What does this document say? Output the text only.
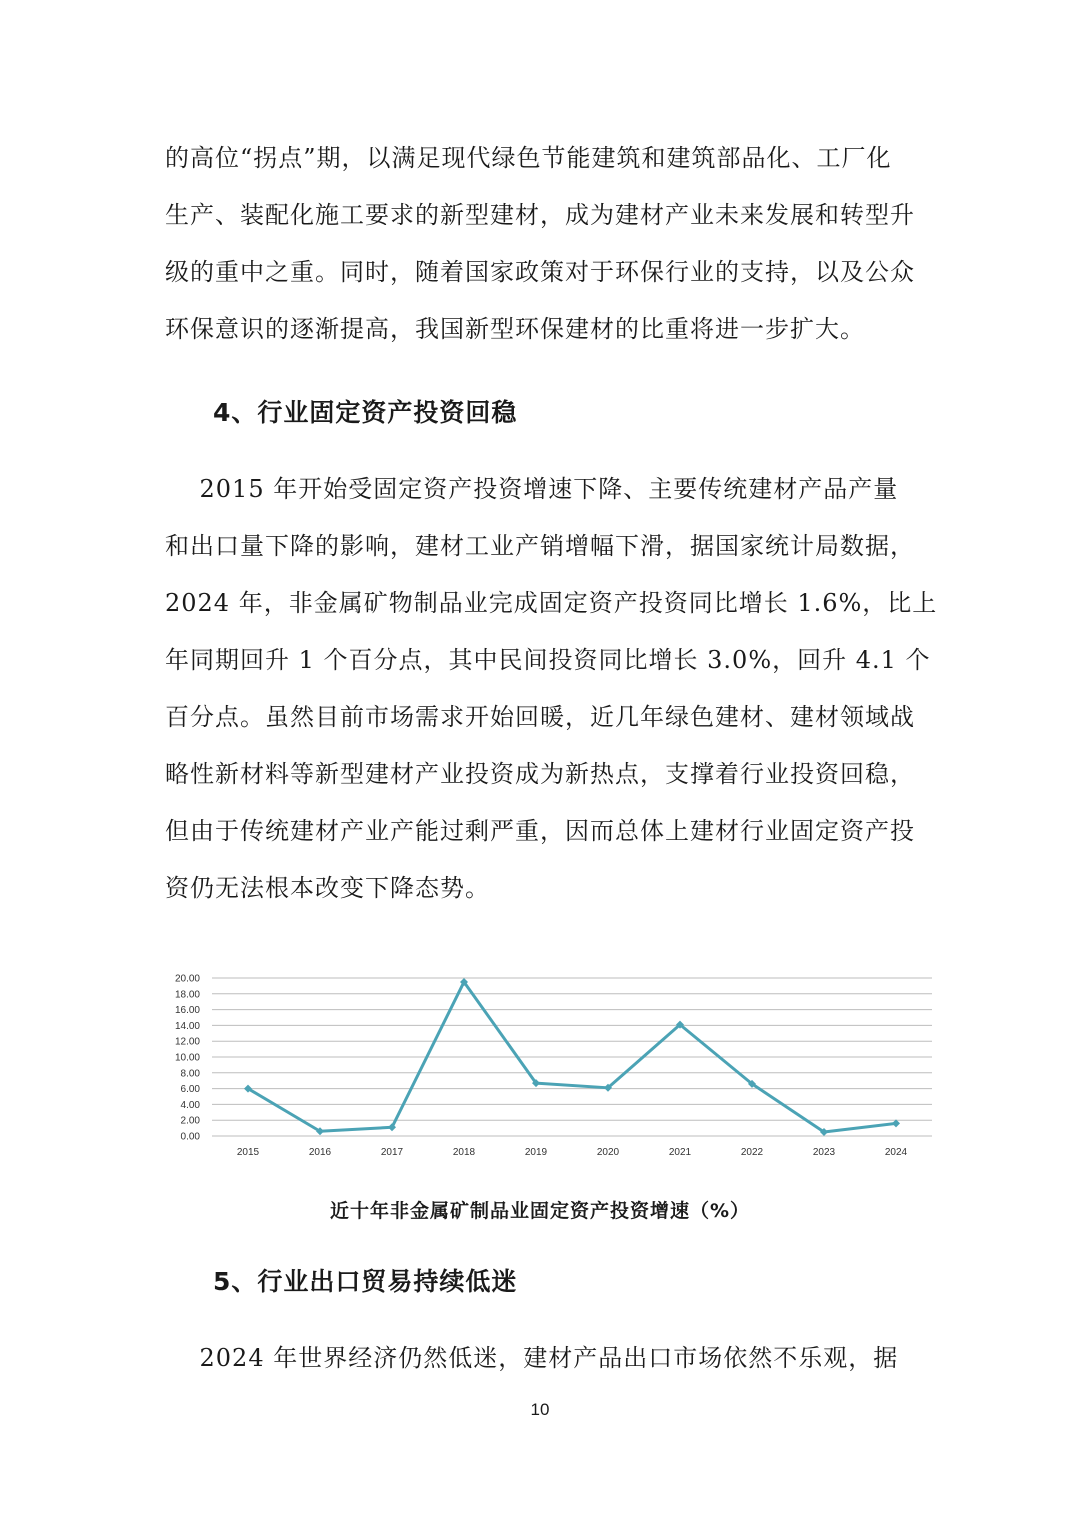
的高位“拐点”期，以满足现代绿色节能建筑和建筑部品化、工厂化
生产、装配化施工要求的新型建材，成为建材产业未来发展和转型升
级的重中之重。同时，随着国家政策对于环保行业的支持，以及公众
环保意识的逐渐提高，我国新型环保建材的比重将进一步扩大。
4、行业固定资产投资回稳
2015 年开始受固定资产投资增速下降、主要传统建材产品产量
和出口量下降的影响，建材工业产销增幅下滑，据国家统计局数据，
2024 年，非金属矿物制品业完成固定资产投资同比增长 1.6%，比上
年同期回升 1 个百分点，其中民间投资同比增长 3.0%，回升 4.1 个
百分点。虽然目前市场需求开始回暖，近几年绿色建材、建材领域战
略性新材料等新型建材产业投资成为新热点，支撑着行业投资回稳，
但由于传统建材产业产能过剩严重，因而总体上建材行业固定资产投
资仍无法根本改变下降态势。
0.00
2.00
4.00
6.00
8.00
10.00
12.00
14.00
16.00
18.00
20.00
2015	2016	2017	2018	2019	2020	2021	2022	2023	2024
近十年非金属矿制品业固定资产投资增速（%）
5、行业出口贸易持续低迷
2024 年世界经济仍然低迷，建材产品出口市场依然不乐观，据
10
